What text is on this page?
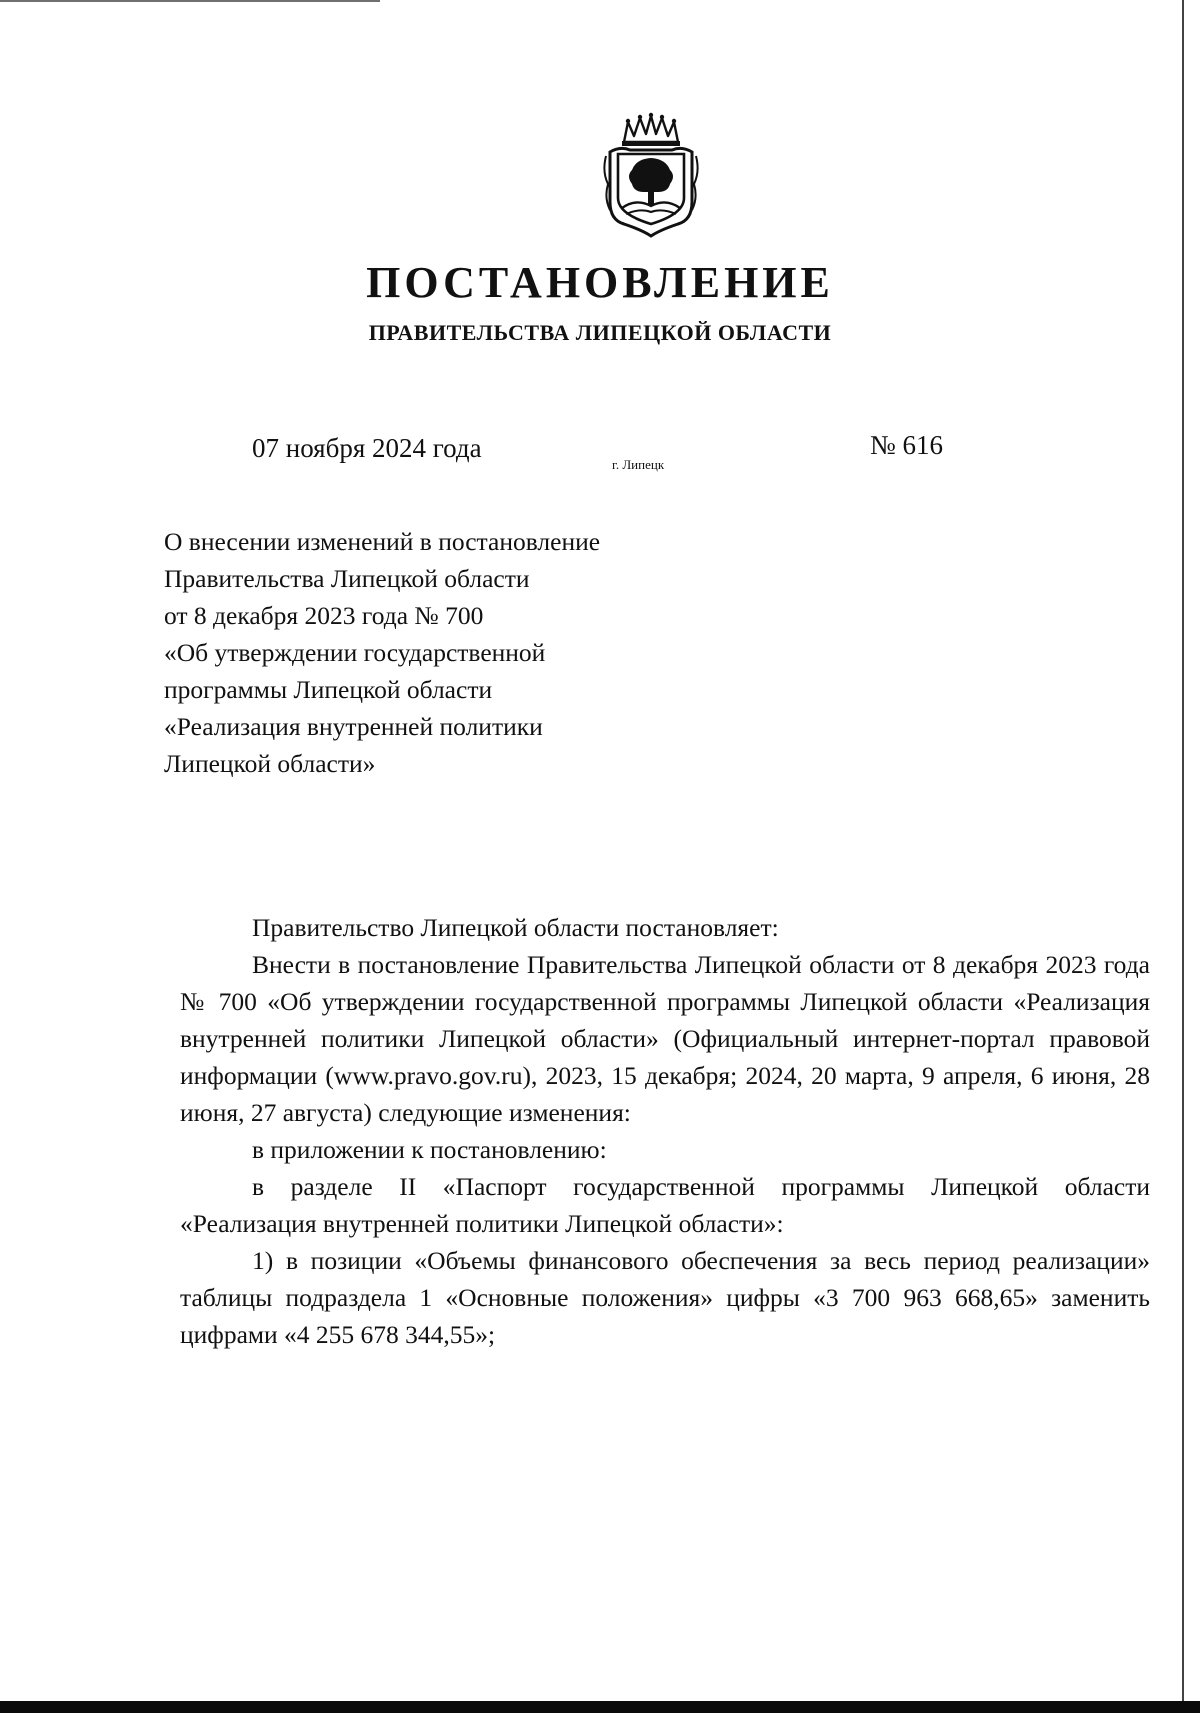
ПОСТАНОВЛЕНИЕ
ПРАВИТЕЛЬСТВА ЛИПЕЦКОЙ ОБЛАСТИ
07 ноября 2024 года
г. Липецк
№ 616
О внесении изменений в постановление
Правительства Липецкой области
от 8 декабря 2023 года № 700
«Об утверждении государственной
программы Липецкой области
«Реализация внутренней политики
Липецкой области»

Правительство Липецкой области постановляет:

Внести в постановление Правительства Липецкой области от 8 декабря 2023 года № 700 «Об утверждении государственной программы Липецкой области «Реализация внутренней политики Липецкой области» (Официальный интернет-портал правовой информации (www.pravo.gov.ru), 2023, 15 декабря; 2024, 20 марта, 9 апреля, 6 июня, 28 июня, 27 августа) следующие изменения:

в приложении к постановлению:

в разделе II «Паспорт государственной программы Липецкой области «Реализация внутренней политики Липецкой области»:

1) в позиции «Объемы финансового обеспечения за весь период реализации» таблицы подраздела 1 «Основные положения» цифры «3 700 963 668,65» заменить цифрами «4 255 678 344,55»;
